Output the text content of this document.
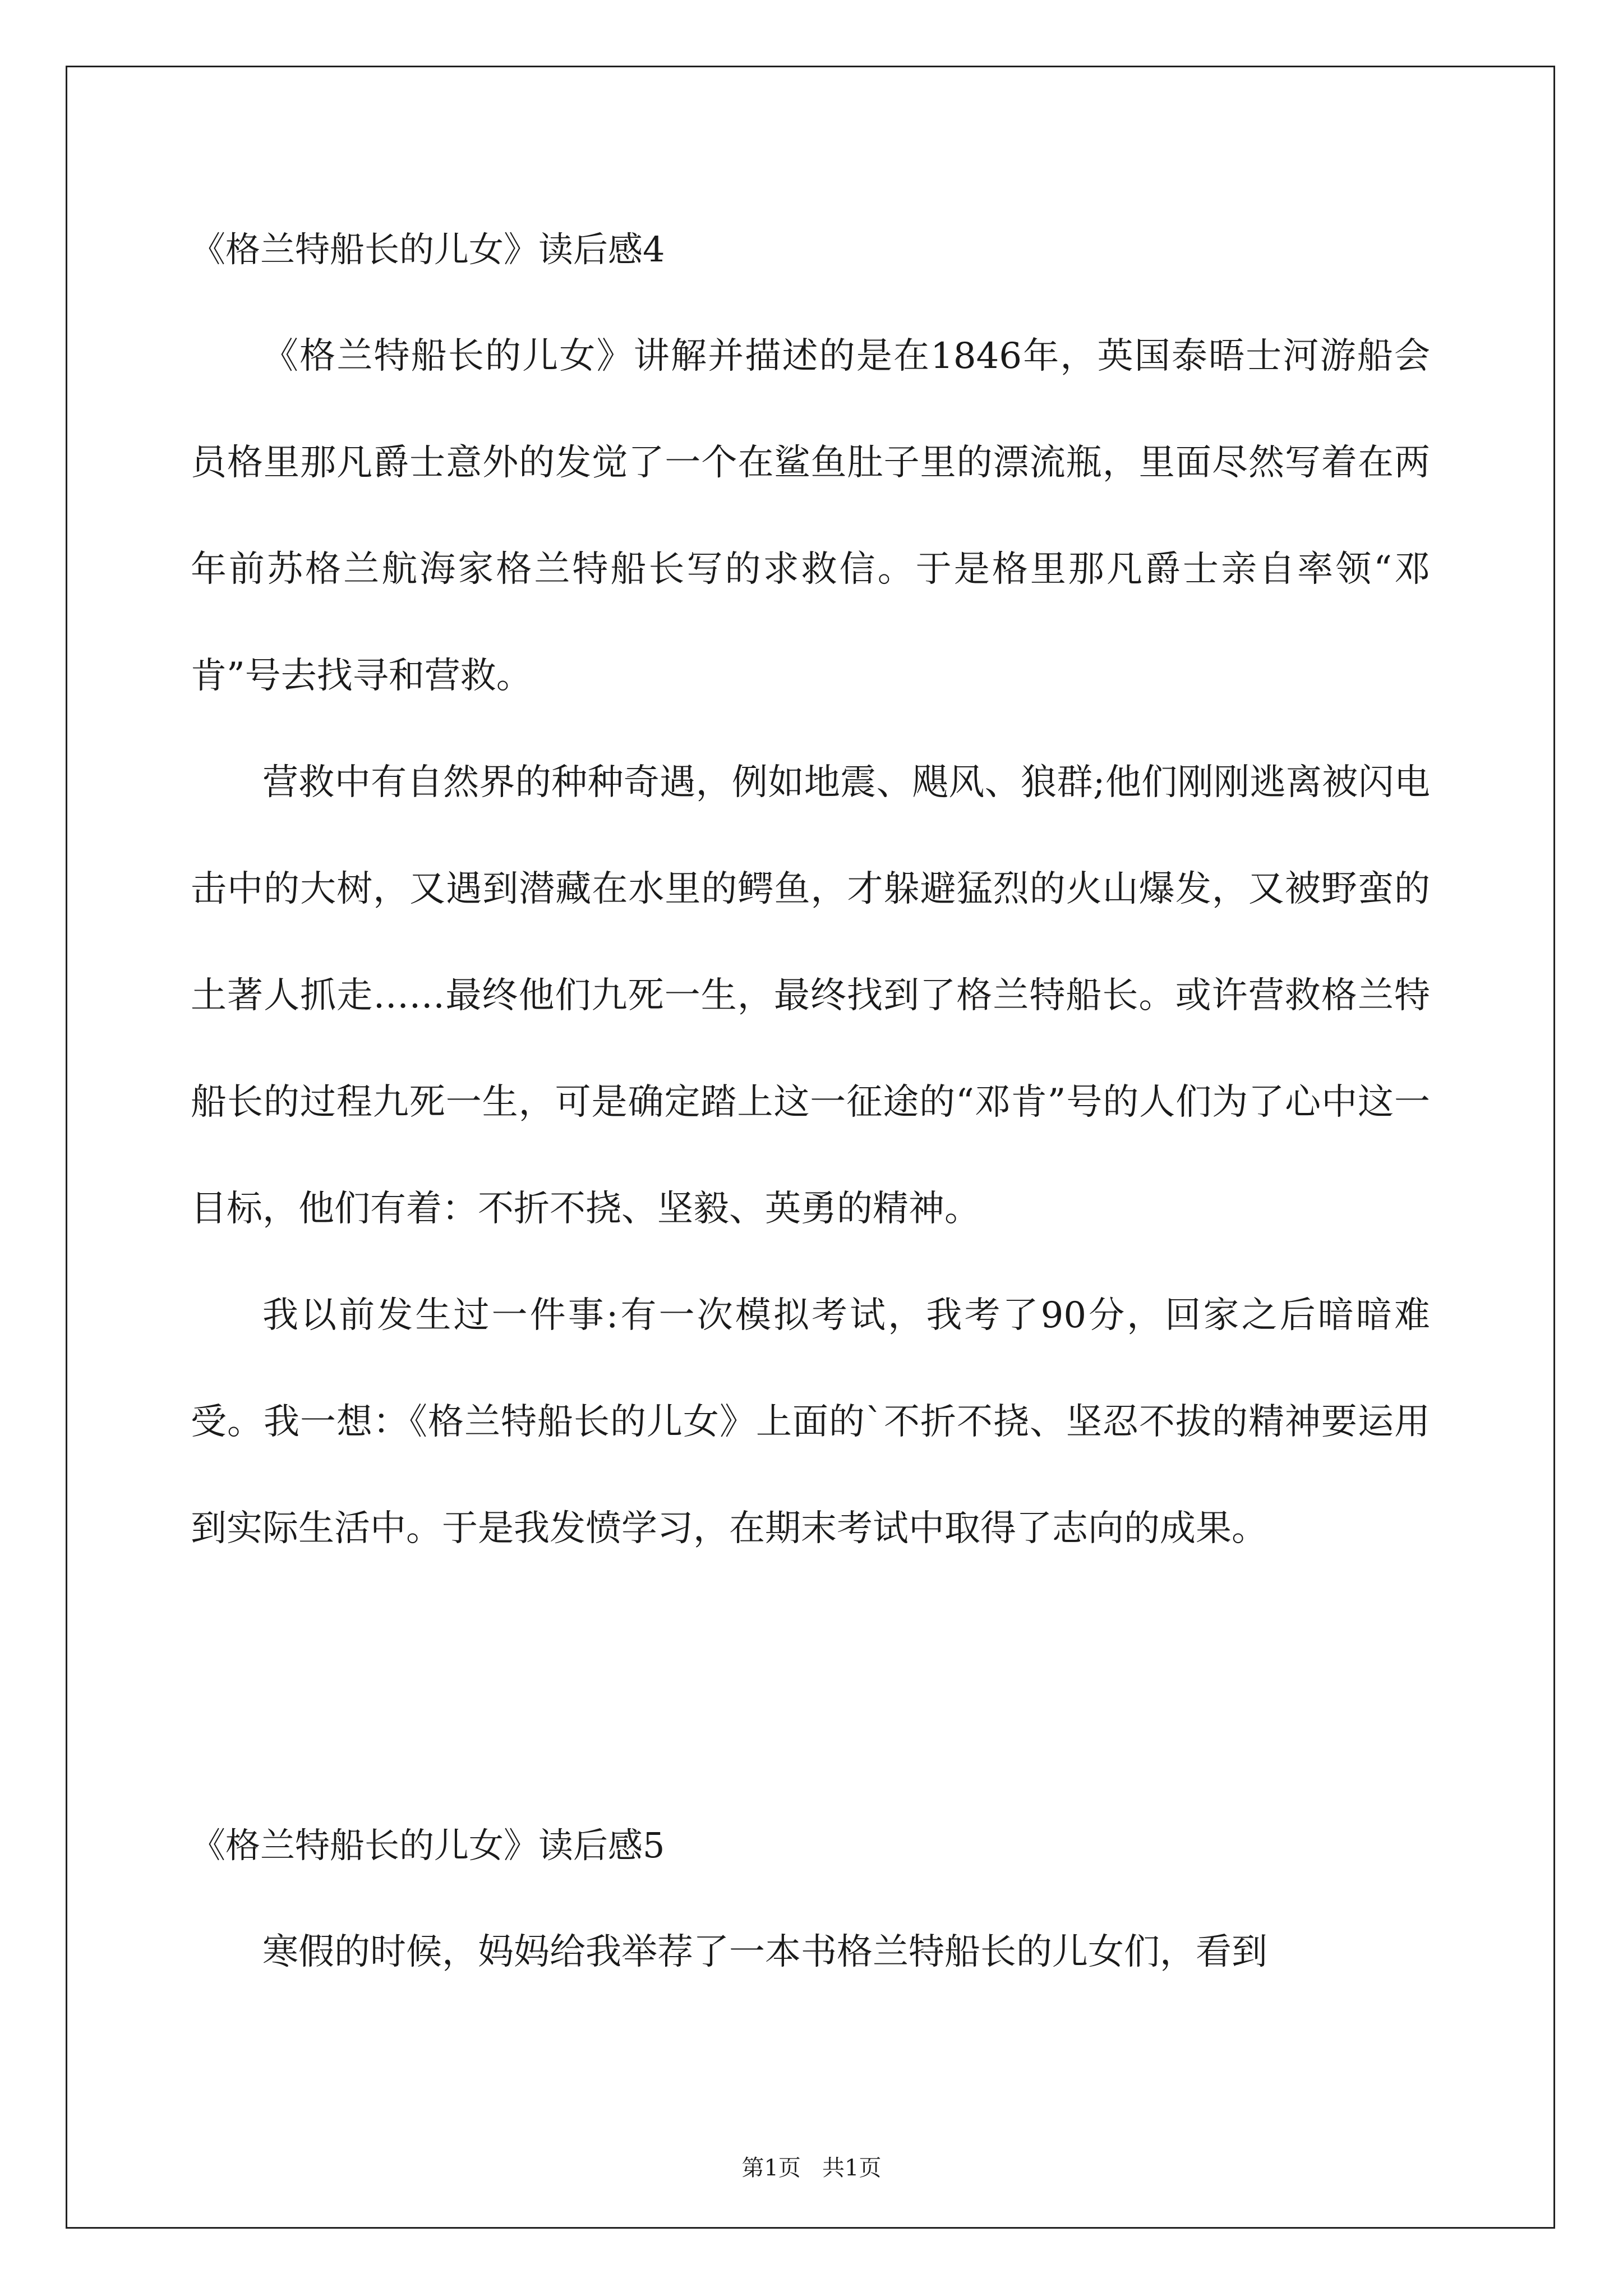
《格兰特船长的儿女》读后感4

《格兰特船长的儿女》讲解并描述的是在1846年，英国泰晤士河游船会员格里那凡爵士意外的发觉了一个在鲨鱼肚子里的漂流瓶，里面尽然写着在两年前苏格兰航海家格兰特船长写的求救信。于是格里那凡爵士亲自率领“邓肯”号去找寻和营救。

营救中有自然界的种种奇遇，例如地震、飓风、狼群;他们刚刚逃离被闪电击中的大树，又遇到潜藏在水里的鳄鱼，才躲避猛烈的火山爆发，又被野蛮的土著人抓走……最终他们九死一生，最终找到了格兰特船长。或许营救格兰特船长的过程九死一生，可是确定踏上这一征途的“邓肯”号的人们为了心中这一目标，他们有着：不折不挠、坚毅、英勇的精神。

我以前发生过一件事:有一次模拟考试，我考了90分，回家之后暗暗难受。我一想：《格兰特船长的儿女》上面的`不折不挠、坚忍不拔的精神要运用到实际生活中。于是我发愤学习，在期末考试中取得了志向的成果。

《格兰特船长的儿女》读后感5

寒假的时候，妈妈给我举荐了一本书格兰特船长的儿女们，看到

第1页   共1页
